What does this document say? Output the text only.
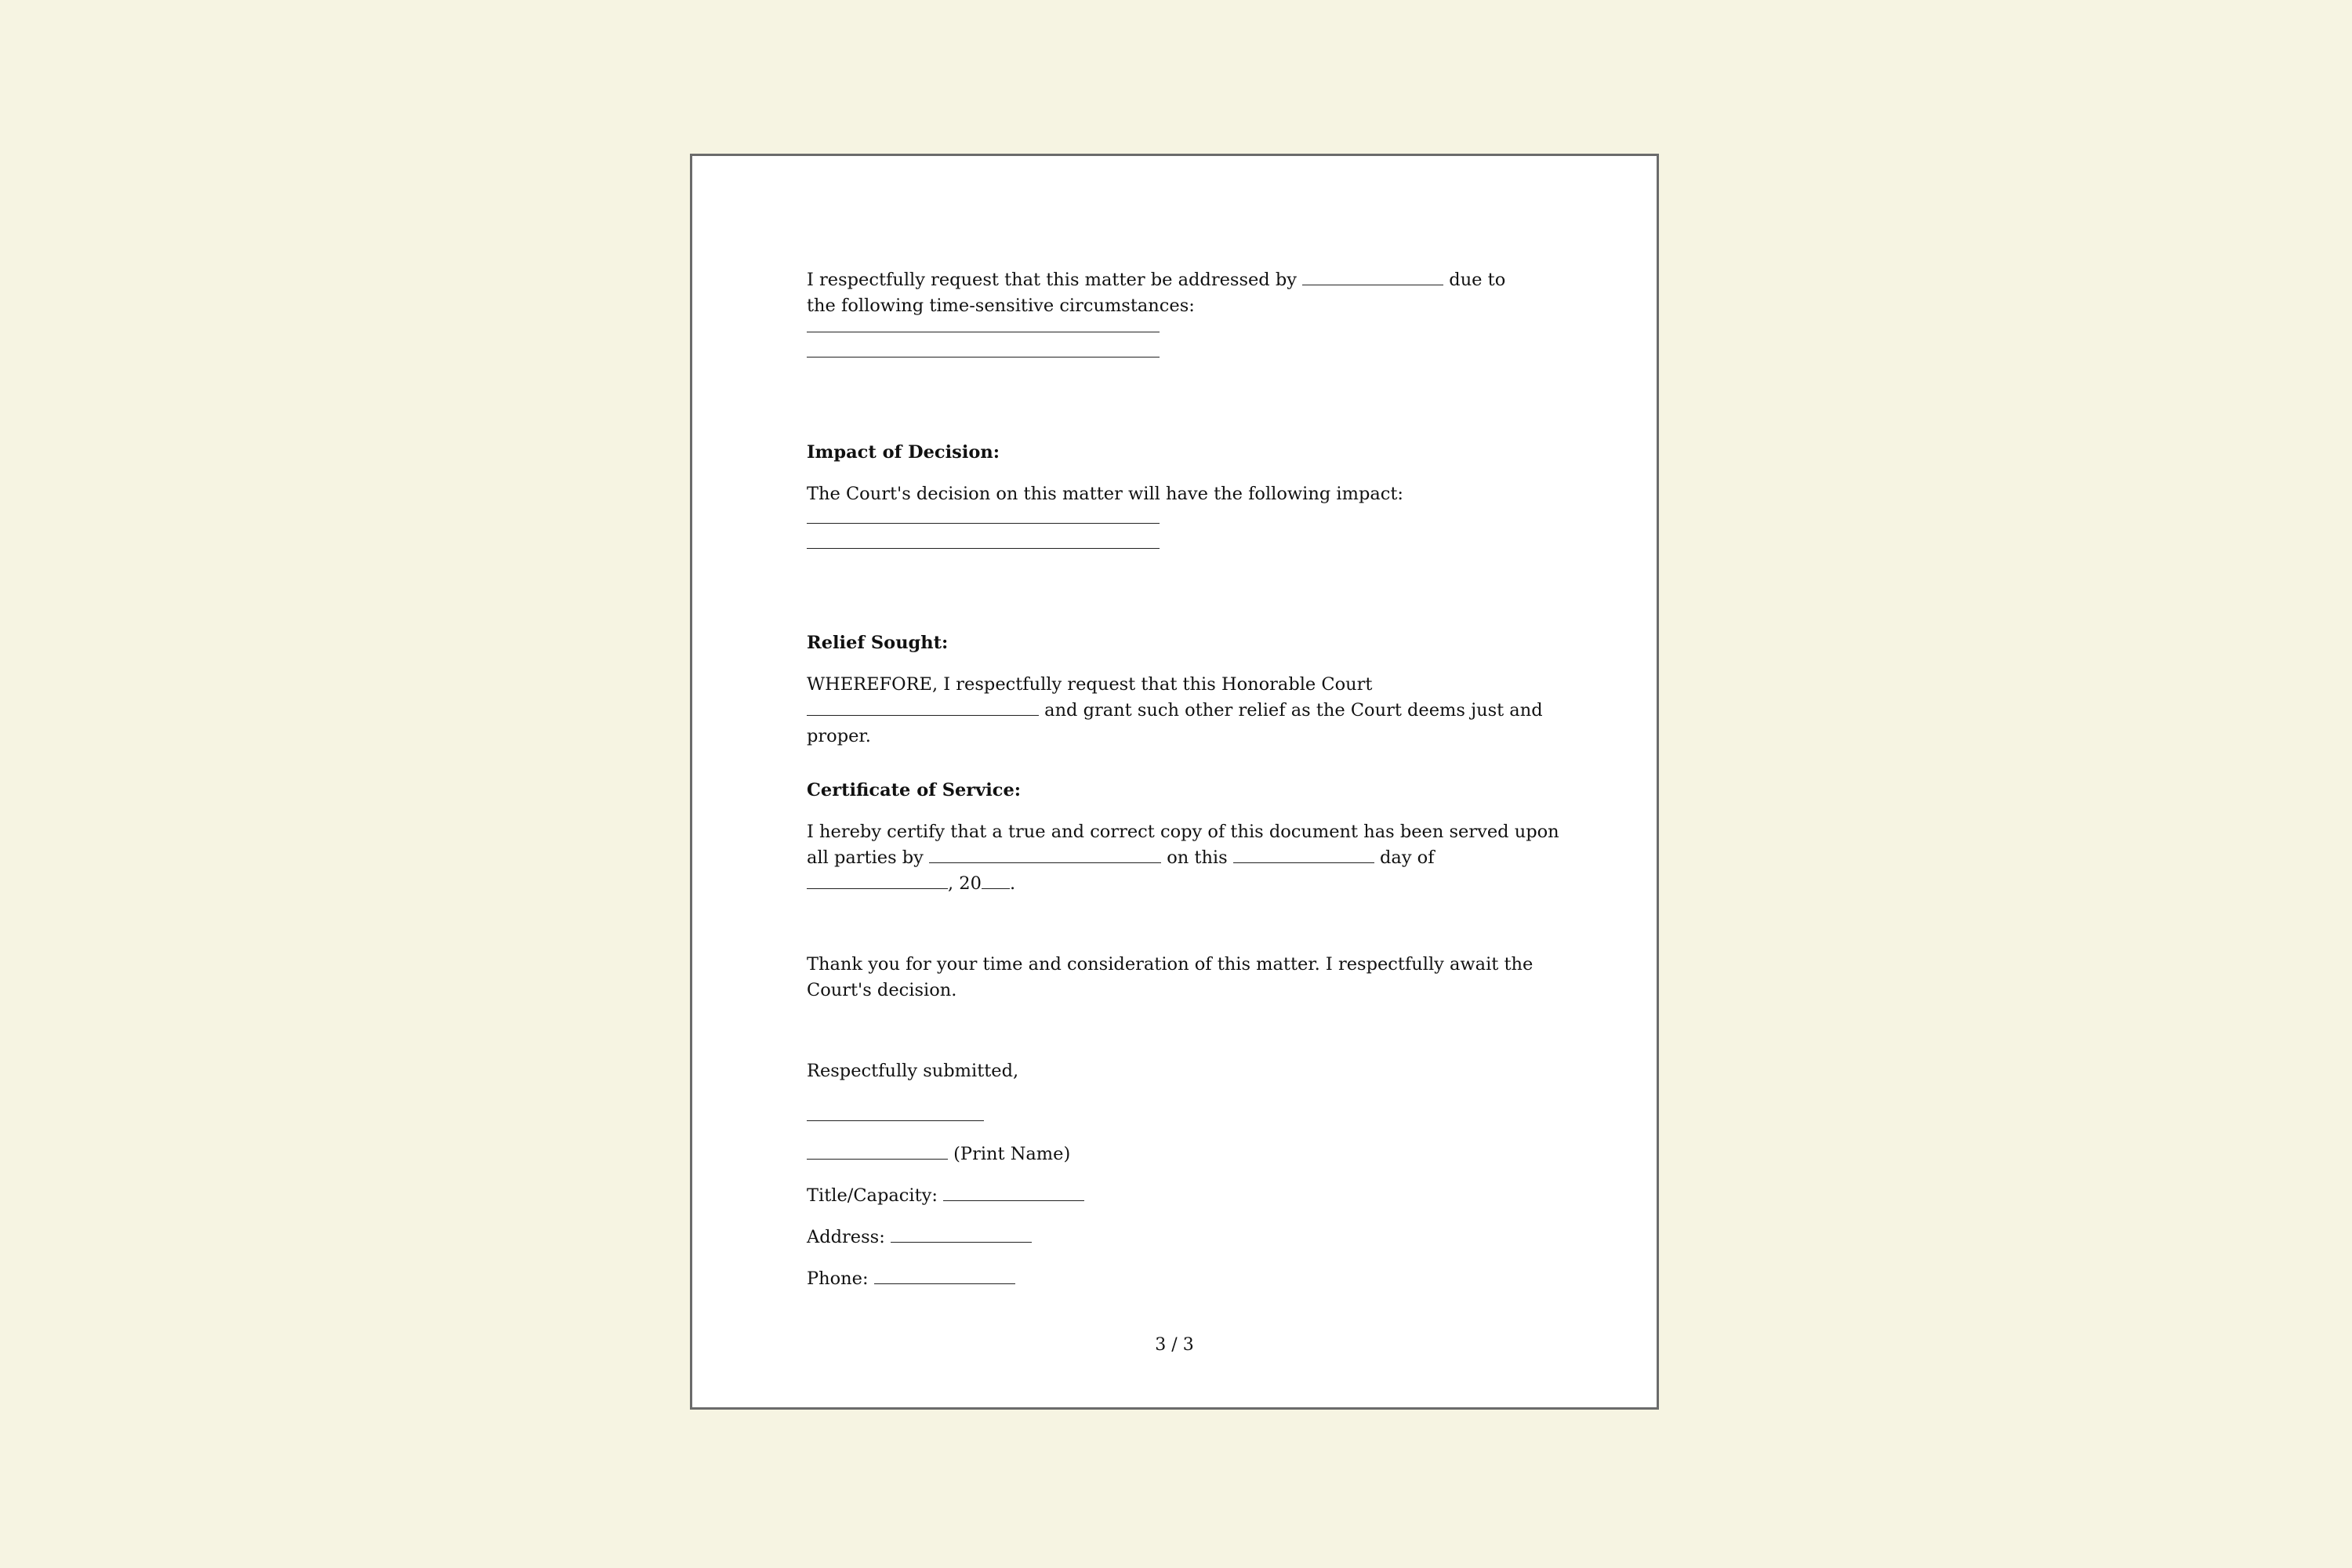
I respectfully request that this matter be addressed by	due to the following time-sensitive circumstances:

Impact of Decision:

The Court's decision on this matter will have the following impact:

Relief Sought:

WHEREFORE, I respectfully request that this Honorable Court  and grant such other relief as the Court deems just and proper.

Certificate of Service:

I hereby certify that a true and correct copy of this document has been served upon all parties by	on this	day of , 20 .

Thank you for your time and consideration of this matter. I respectfully await the Court's decision.

Respectfully submitted,

(Print Name)

Title/Capacity:

Address:

Phone:

3 / 3
